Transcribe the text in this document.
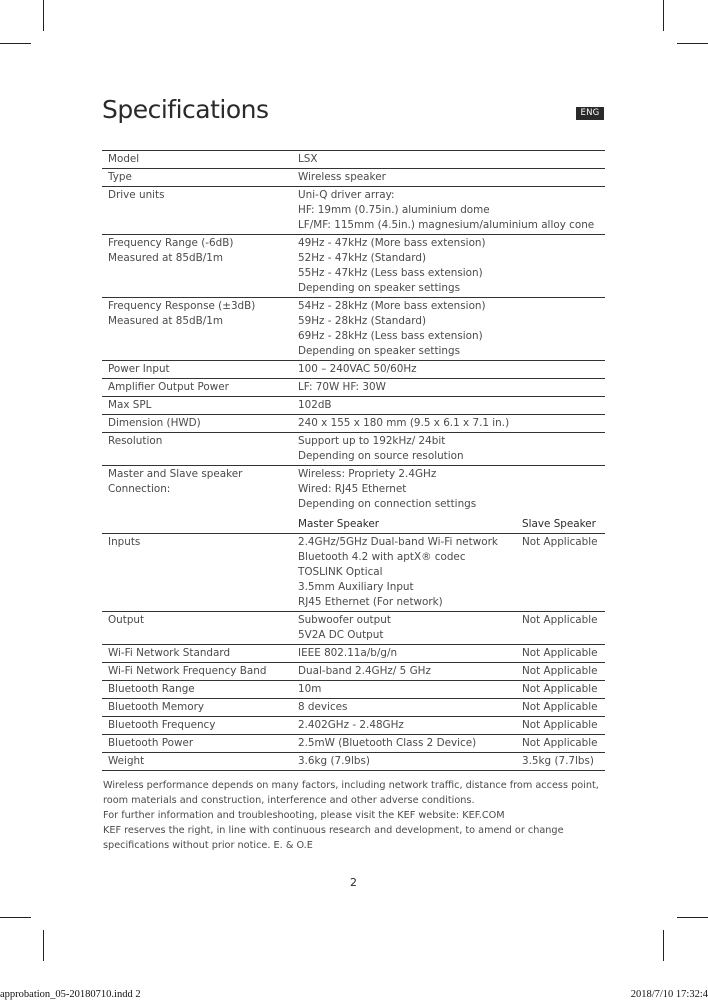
Specifications	ENG
Model	LSX	

Type	Wireless speaker	

Drive units	Uni-Q driver array:
HF: 19mm (0.75in.) aluminium dome
LF/MF: 115mm (4.5in.) magnesium/aluminium alloy cone	

Frequency Range (-6dB)
Measured at 85dB/1m	49Hz - 47kHz (More bass extension)
52Hz - 47kHz (Standard)
55Hz - 47kHz (Less bass extension)
Depending on speaker settings	

Frequency Response (±3dB)
Measured at 85dB/1m	54Hz - 28kHz (More bass extension)
59Hz - 28kHz (Standard)
69Hz - 28kHz (Less bass extension)
Depending on speaker settings	

Power Input	100 – 240VAC 50/60Hz	

Amplifier Output Power	LF: 70W HF: 30W	

Max SPL	102dB	

Dimension (HWD)	240 x 155 x 180 mm (9.5 x 6.1 x 7.1 in.)	

Resolution	Support up to 192kHz/ 24bit
Depending on source resolution	

Master and Slave speaker
Connection:	Wireless: Propriety 2.4GHz
Wired: RJ45 Ethernet
Depending on connection settings	

	Master Speaker	Slave Speaker
Inputs	2.4GHz/5GHz Dual-band Wi-Fi network
Bluetooth 4.2 with aptX® codec
TOSLINK Optical
3.5mm Auxiliary Input
RJ45 Ethernet (For network)	Not Applicable
Output	Subwoofer output
5V2A DC Output	Not Applicable
Wi-Fi Network Standard	IEEE 802.11a/b/g/n	Not Applicable
Wi-Fi Network Frequency Band	Dual-band 2.4GHz/ 5 GHz	Not Applicable
Bluetooth Range	10m	Not Applicable
Bluetooth Memory	8 devices	Not Applicable
Bluetooth Frequency	2.402GHz - 2.48GHz	Not Applicable
Bluetooth Power	2.5mW (Bluetooth Class 2 Device)	Not Applicable
Weight	3.6kg (7.9lbs)	3.5kg (7.7lbs)
Wireless performance depends on many factors, including network traffic, distance from access point, room materials and construction, interference and other adverse conditions.
For further information and troubleshooting, please visit the KEF website: KEF.COM
KEF reserves the right, in line with continuous research and development, to amend or change specifications without prior notice. E. & O.E
2
approbation_05-20180710.indd 2	2018/7/10 17:32:4
